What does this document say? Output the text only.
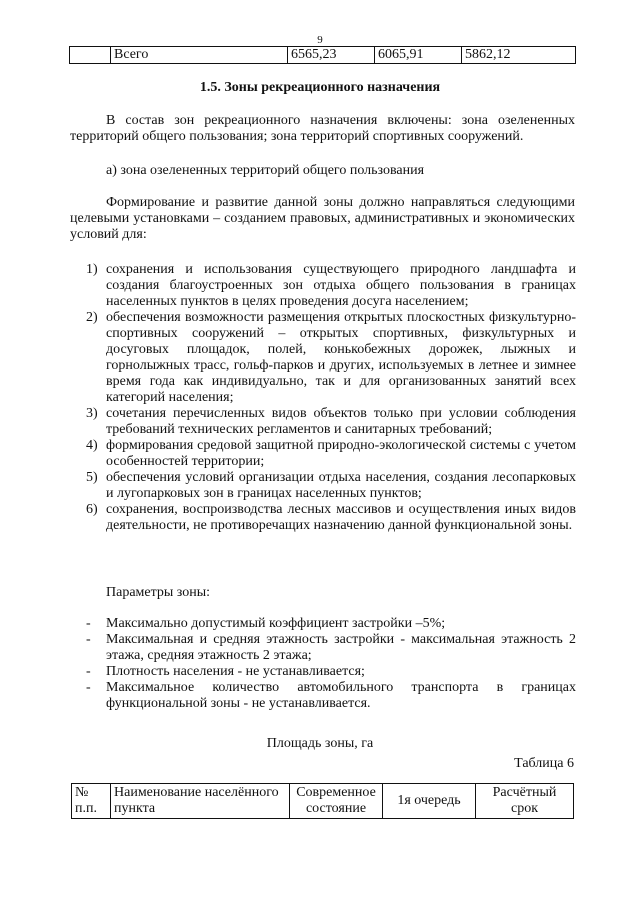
9
	Всего	6565,23	6065,91	5862,12
1.5. Зоны рекреационного назначения

В состав зон рекреационного назначения включены: зона озелененных территорий общего пользования; зона территорий спортивных сооружений.

а) зона озелененных территорий общего пользования

Формирование и развитие данной зоны должно направляться следующими целевыми установками – созданием правовых, административных и экономических условий для:

1) сохранения и использования существующего природного ландшафта и создания благоустроенных зон отдыха общего пользования в границах населенных пунктов в целях проведения досуга населением;
2) обеспечения возможности размещения открытых плоскостных физкультурно-спортивных сооружений – открытых спортивных, физкультурных и досуговых площадок, полей, конькобежных дорожек, лыжных и горнолыжных трасс, гольф-парков и других, используемых в летнее и зимнее время года как индивидуально, так и для организованных занятий всех категорий населения;
3) сочетания перечисленных видов объектов только при условии соблюдения требований технических регламентов и санитарных требований;
4) формирования средовой защитной природно-экологической системы с учетом особенностей территории;
5) обеспечения условий организации отдыха населения, создания лесопарковых и лугопарковых зон в границах населенных пунктов;
6) сохранения, воспроизводства лесных массивов и осуществления иных видов деятельности, не противоречащих назначению данной функциональной зоны.

Параметры зоны:

- Максимально допустимый коэффициент застройки –5%;
- Максимальная и средняя этажность застройки - максимальная этажность 2 этажа, средняя этажность 2 этажа;
- Плотность населения - не устанавливается;
- Максимальное количество автомобильного транспорта в границах функциональной зоны - не устанавливается.
Площадь зоны, га
Таблица 6
№ п.п.	Наименование населённого пункта	Современное состояние	1я очередь	Расчётный срок
